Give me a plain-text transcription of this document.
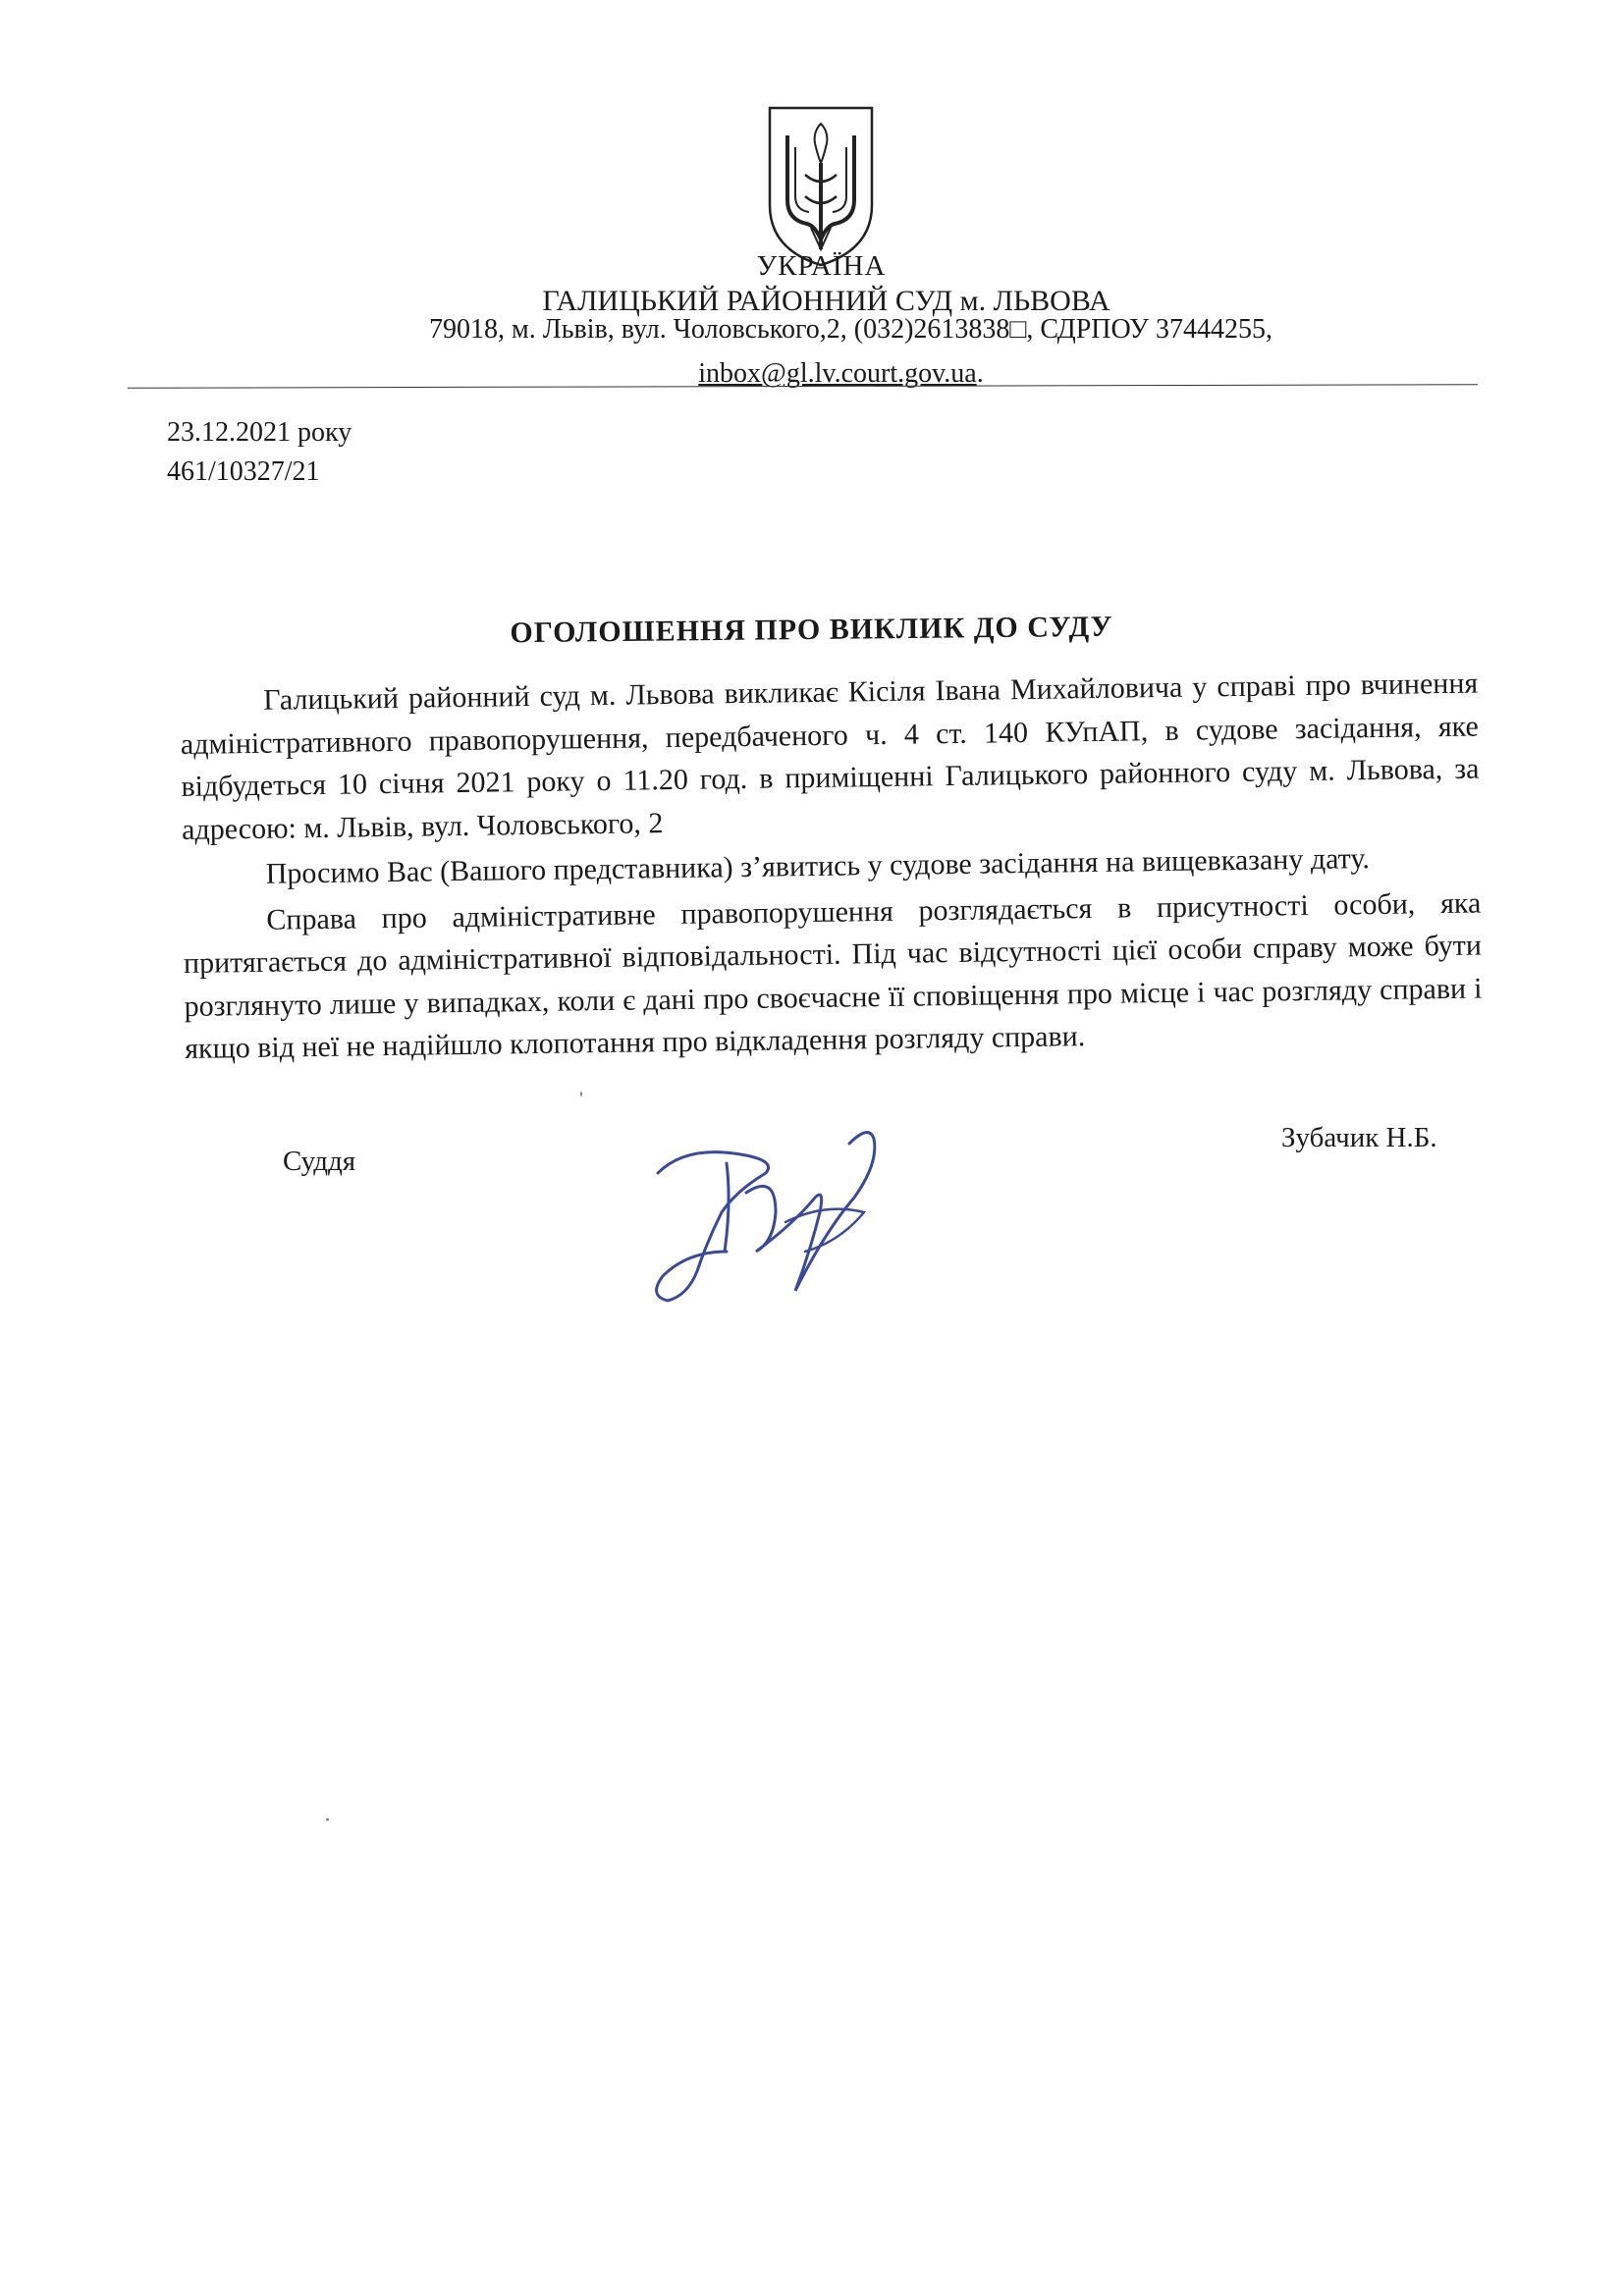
УКРАЇНА
ГАЛИЦЬКИЙ РАЙОННИЙ СУД м. ЛЬВОВА
79018, м. Львів, вул. Чоловського,2, (032)2613838□, СДРПОУ 37444255,
inbox@gl.lv.court.gov.ua.
23.12.2021 року
461/10327/21
ОГОЛОШЕННЯ ПРО ВИКЛИК ДО СУДУ

Галицький районний суд м. Львова викликає Кісіля Івана Михайловича у справі про вчинення адміністративного правопорушення, передбаченого ч. 4 ст. 140 КУпАП, в судове засідання, яке відбудеться 10 січня 2021 року о 11.20 год. в приміщенні Галицького районного суду м. Львова, за адресою: м. Львів, вул. Чоловського, 2

Просимо Вас (Вашого представника) з’явитись у судове засідання на вищевказану дату.

Справа про адміністративне правопорушення розглядається в присутності особи, яка притягається до адміністративної відповідальності. Під час відсутності цієї особи справу може бути розглянуто лише у випадках, коли є дані про своєчасне її сповіщення про місце і час розгляду справи і якщо від неї не надійшло клопотання про відкладення розгляду справи.

Суддя
Зубачик Н.Б.
